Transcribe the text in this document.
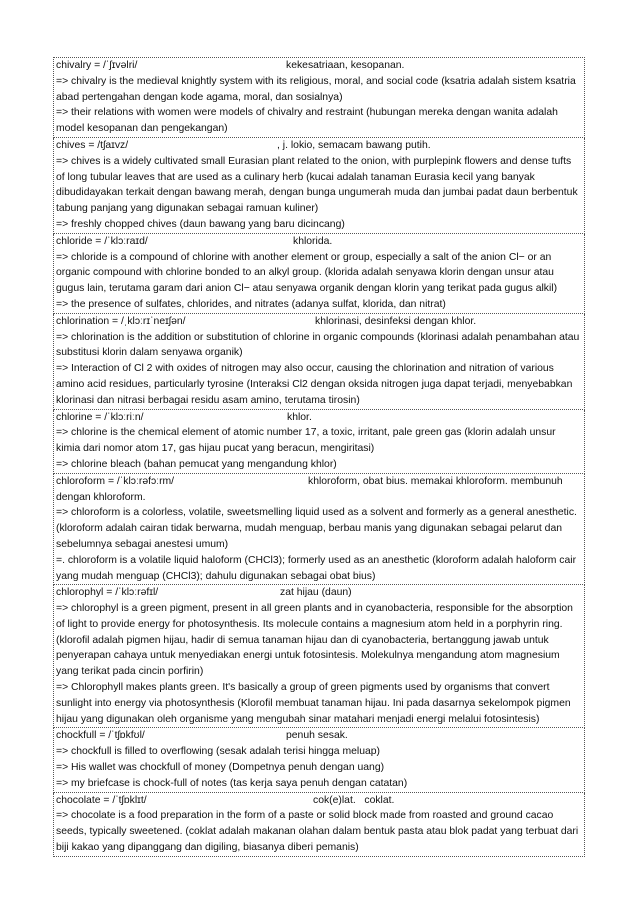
chivalry = /ˈʃɪvəlri/	kekesatriaan, kesopanan.
=> chivalry is the medieval knightly system with its religious, moral, and social code (ksatria adalah sistem ksatria abad pertengahan dengan kode agama, moral, dan sosialnya)
=> their relations with women were models of chivalry and restraint (hubungan mereka dengan wanita adalah model kesopanan dan pengekangan)
chives = /tʃaɪvz/	, j. lokio, semacam bawang putih.
=> chives is a widely cultivated small Eurasian plant related to the onion, with purplepink flowers and dense tufts of long tubular leaves that are used as a culinary herb (kucai adalah tanaman Eurasia kecil yang banyak dibudidayakan terkait dengan bawang merah, dengan bunga ungumerah muda dan jumbai padat daun berbentuk tabung panjang yang digunakan sebagai ramuan kuliner)
=> freshly chopped chives (daun bawang yang baru dicincang)
chloride = /ˈklɔːraɪd/	khlorida.
=> chloride is a compound of chlorine with another element or group, especially a salt of the anion Cl− or an organic compound with chlorine bonded to an alkyl group. (klorida adalah senyawa klorin dengan unsur atau gugus lain, terutama garam dari anion Cl− atau senyawa organik dengan klorin yang terikat pada gugus alkil)
=> the presence of sulfates, chlorides, and nitrates (adanya sulfat, klorida, dan nitrat)
chlorination = /ˌklɔːrɪˈneɪʃən/	khlorinasi, desinfeksi dengan khlor.
=> chlorination is the addition or substitution of chlorine in organic compounds (klorinasi adalah penambahan atau substitusi klorin dalam senyawa organik)
=> Interaction of Cl 2 with oxides of nitrogen may also occur, causing the chlorination and nitration of various amino acid residues, particularly tyrosine (Interaksi Cl2 dengan oksida nitrogen juga dapat terjadi, menyebabkan klorinasi dan nitrasi berbagai residu asam amino, terutama tirosin)
chlorine = /ˈklɔːriːn/	khlor.
=> chlorine is the chemical element of atomic number 17, a toxic, irritant, pale green gas (klorin adalah unsur kimia dari nomor atom 17, gas hijau pucat yang beracun, mengiritasi)
=> chlorine bleach (bahan pemucat yang mengandung khlor)
chloroform = /ˈklɔːrəfɔːrm/	khloroform, obat bius. memakai khloroform. membunuh dengan khloroform.
=> chloroform is a colorless, volatile, sweetsmelling liquid used as a solvent and formerly as a general anesthetic. (kloroform adalah cairan tidak berwarna, mudah menguap, berbau manis yang digunakan sebagai pelarut dan sebelumnya sebagai anestesi umum)
=. chloroform is a volatile liquid haloform (CHCl3); formerly used as an anesthetic (kloroform adalah haloform cair yang mudah menguap (CHCl3); dahulu digunakan sebagai obat bius)
chlorophyl = /ˈklɔːrəfɪl/	zat hijau (daun)
=> chlorophyl is a green pigment, present in all green plants and in cyanobacteria, responsible for the absorption of light to provide energy for photosynthesis. Its molecule contains a magnesium atom held in a porphyrin ring. (klorofil adalah pigmen hijau, hadir di semua tanaman hijau dan di cyanobacteria, bertanggung jawab untuk penyerapan cahaya untuk menyediakan energi untuk fotosintesis. Molekulnya mengandung atom magnesium yang terikat pada cincin porfirin)
=> Chlorophyll makes plants green. It's basically a group of green pigments used by organisms that convert sunlight into energy via photosynthesis (Klorofil membuat tanaman hijau. Ini pada dasarnya sekelompok pigmen hijau yang digunakan oleh organisme yang mengubah sinar matahari menjadi energi melalui fotosintesis)
chockfull = /ˈtʃɒkfʊl/	penuh sesak.
=> chockfull is filled to overflowing (sesak adalah terisi hingga meluap)
=> His wallet was chockfull of money (Dompetnya penuh dengan uang)
=> my briefcase is chock-full of notes (tas kerja saya penuh dengan catatan)
chocolate = /ˈtʃɒklɪt/	cok(e)lat.   coklat.
=> chocolate is a food preparation in the form of a paste or solid block made from roasted and ground cacao seeds, typically sweetened. (coklat adalah makanan olahan dalam bentuk pasta atau blok padat yang terbuat dari biji kakao yang dipanggang dan digiling, biasanya diberi pemanis)
